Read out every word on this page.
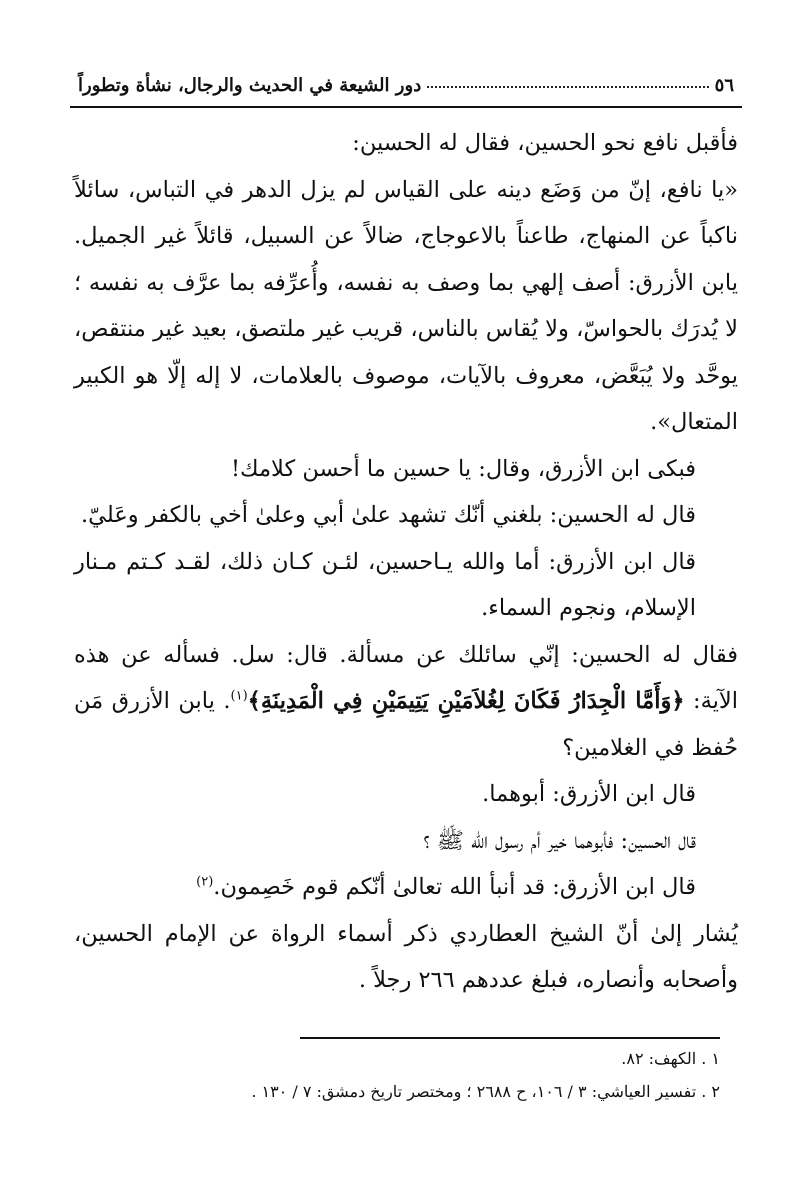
٥٦
دور الشيعة في الحديث والرجال، نشأة وتطوراً

فأقبل نافع نحو الحسين، فقال له الحسين:

«يا نافع، إنّ من وَضَع دينه على القياس لم يزل الدهر في التباس، سائلاً ناكباً عن المنهاج، طاعناً بالاعوجاج، ضالاً عن السبيل، قائلاً غير الجميل. يابن الأزرق: أصف إلهي بما وصف به نفسه، وأُعرِّفه بما عرَّف به نفسه ؛ لا يُدرَك بالحواسّ، ولا يُقاس بالناس، قريب غير ملتصق، بعيد غير منتقص، يوحَّد ولا يُبَعَّض، معروف بالآيات، موصوف بالعلامات، لا إله إلّا هو الكبير المتعال».

فبكى ابن الأزرق، وقال: يا حسين ما أحسن كلامك!

قال له الحسين: بلغني أنّك تشهد علىٰ أبي وعلىٰ أخي بالكفر وعَليّ.

قال ابن الأزرق: أما والله يـاحسين، لئـن كـان ذلك، لقـد كـتم مـنار الإسلام، ونجوم السماء.

فقال له الحسين: إنّي سائلك عن مسألة. قال: سل. فسأله عن هذه الآية: ﴿وَأَمَّا الْجِدَارُ فَكَانَ لِغُلاَمَيْنِ يَتِيمَيْنِ فِي الْمَدِينَةِ﴾$^{(١)}$. يابن الأزرق مَن حُفظ في الغلامين؟

قال ابن الأزرق: أبوهما.

قال الحسين: فأبوهما خير أم رسول الله ﷺ ؟

قال ابن الأزرق: قد أنبأ الله تعالىٰ أنّكم قوم خَصِمون.$^{(٢)}$

يُشار إلىٰ أنّ الشيخ العطاردي ذكر أسماء الرواة عن الإمام الحسين، وأصحابه وأنصاره، فبلغ عددهم ٢٦٦ رجلاً .

١ . الكهف: ٨٢.

٢ . تفسير العياشي: ٣ / ١٠٦، ح ٢٦٨٨ ؛ ومختصر تاريخ دمشق: ٧ / ١٣٠ .
